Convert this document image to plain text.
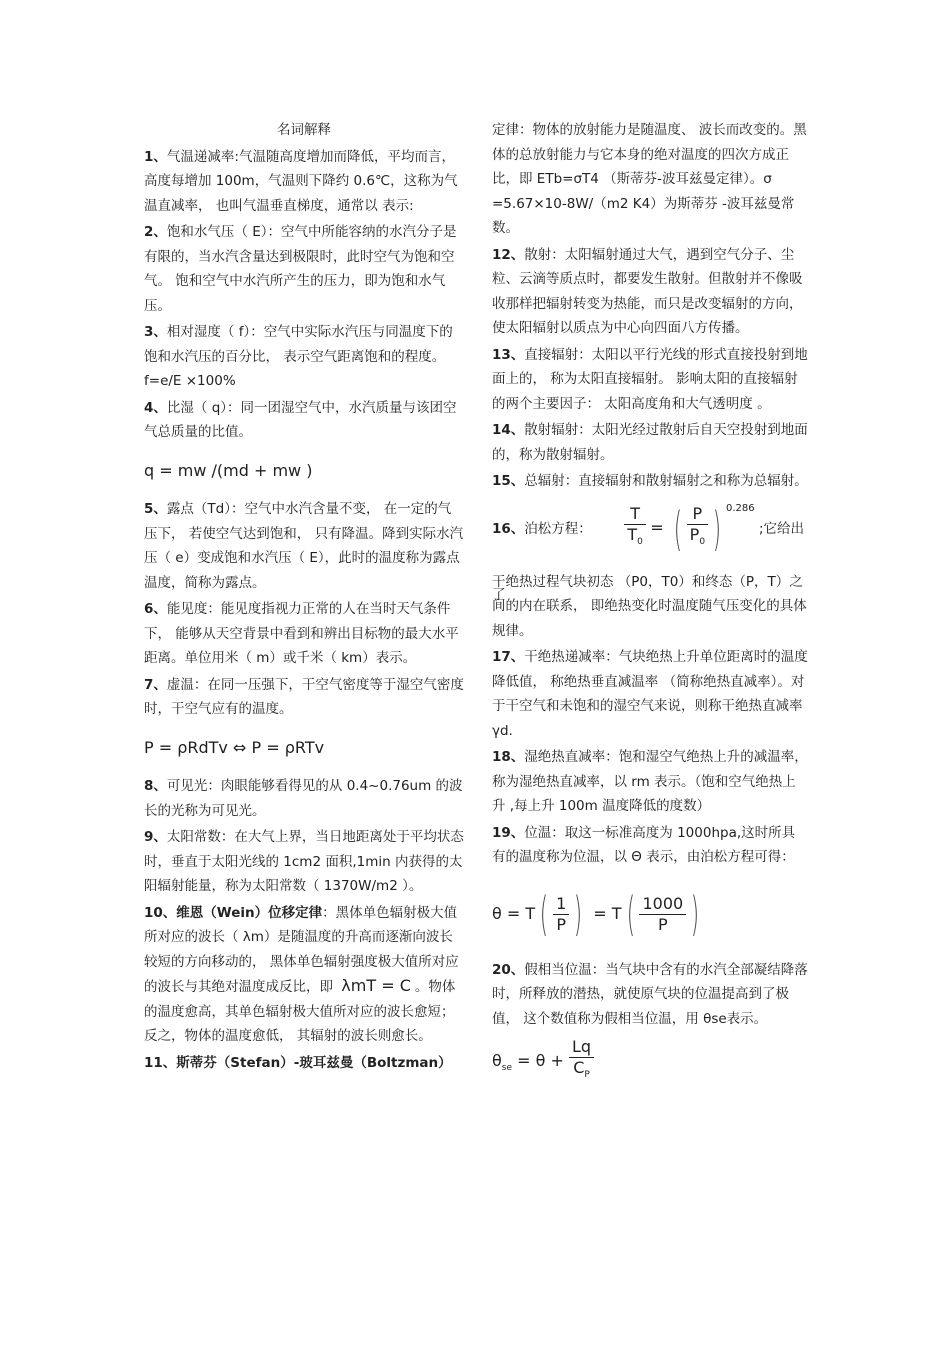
名词解释
1、气温递减率:气温随高度增加而降低，平均而言，高度每增加 100m，气温则下降约 0.6℃，这称为气温直减率， 也叫气温垂直梯度，通常以 表示:
2、饱和水气压（ E）：空气中所能容纳的水汽分子是有限的，当水汽含量达到极限时，此时空气为饱和空气。 饱和空气中水汽所产生的压力，即为饱和水气压。
3、相对湿度（ f）：空气中实际水汽压与同温度下的饱和水汽压的百分比， 表示空气距离饱和的程度。 f=e/E ×100%
4、比湿（ q）：同一团湿空气中，水汽质量与该团空气总质量的比值。
q = mw /(md + mw )
5、露点（Td）：空气中水汽含量不变， 在一定的气压下， 若使空气达到饱和， 只有降温。降到实际水汽压（ e）变成饱和水汽压（ E），此时的温度称为露点温度，简称为露点。
6、能见度：能见度指视力正常的人在当时天气条件下， 能够从天空背景中看到和辨出目标物的最大水平距离。单位用米（ m）或千米（ km）表示。
7、虚温：在同一压强下，干空气密度等于湿空气密度时，干空气应有的温度。
P = ρRdTv ⇔ P = ρRTv
8、可见光：肉眼能够看得见的从 0.4~0.76um 的波长的光称为可见光。
9、太阳常数：在大气上界，当日地距离处于平均状态时，垂直于太阳光线的 1cm2 面积,1min 内获得的太阳辐射能量，称为太阳常数（ 1370W/m2 ）。
10、维恩（Wein）位移定律：黑体单色辐射极大值所对应的波长（ λm）是随温度的升高而逐渐向波长较短的方向移动的， 黑体单色辐射强度极大值所对应的波长与其绝对温度成反比，即 λmT = C 。物体的温度愈高，其单色辐射极大值所对应的波长愈短；反之，物体的温度愈低， 其辐射的波长则愈长。
11、斯蒂芬（Stefan）-玻耳兹曼（Boltzman）
定律：物体的放射能力是随温度、 波长而改变的。黑体的总放射能力与它本身的绝对温度的四次方成正比，即 ETb=σT4 （斯蒂芬-波耳兹曼定律）。σ =5.67×10-8W/（m2 K4）为斯蒂芬 -波耳兹曼常数。
12、散射：太阳辐射通过大气，遇到空气分子、尘粒、云滴等质点时，都要发生散射。但散射并不像吸收那样把辐射转变为热能，而只是改变辐射的方向， 使太阳辐射以质点为中心向四面八方传播。
13、直接辐射：太阳以平行光线的形式直接投射到地面上的， 称为太阳直接辐射。 影响太阳的直接辐射的两个主要因子： 太阳高度角和大气透明度 。
14、散射辐射：太阳光经过散射后自天空投射到地面的，称为散射辐射。
15、总辐射：直接辐射和散射辐射之和称为总辐射。
16、泊松方程： $\frac{T}{T_0}$ = ( $\frac{P}{P_0}$ ) $^{0.286}$ ;它给出了
干绝热过程气块初态 （P0，T0）和终态（P，T）之间的内在联系， 即绝热变化时温度随气压变化的具体规律。
17、干绝热递减率：气块绝热上升单位距离时的温度降低值， 称绝热垂直减温率 （简称绝热直减率）。对于干空气和未饱和的湿空气来说，则称干绝热直减率 γd.
18、湿绝热直减率：饱和湿空气绝热上升的减温率，称为湿绝热直减率，以 rm 表示。（饱和空气绝热上升 ,每上升 100m 温度降低的度数）
19、位温：取这一标准高度为 1000hpa,这时所具有的温度称为位温，以 Θ 表示，由泊松方程可得：
θ = T ( $\frac{1}{P}$ ) = T ( $\frac{1000}{P}$ )
20、假相当位温：当气块中含有的水汽全部凝结降落时，所释放的潜热，就使原气块的位温提高到了极值， 这个数值称为假相当位温，用 θse表示。
$\theta_{se} = \theta + \frac{Lq}{C_P}$
